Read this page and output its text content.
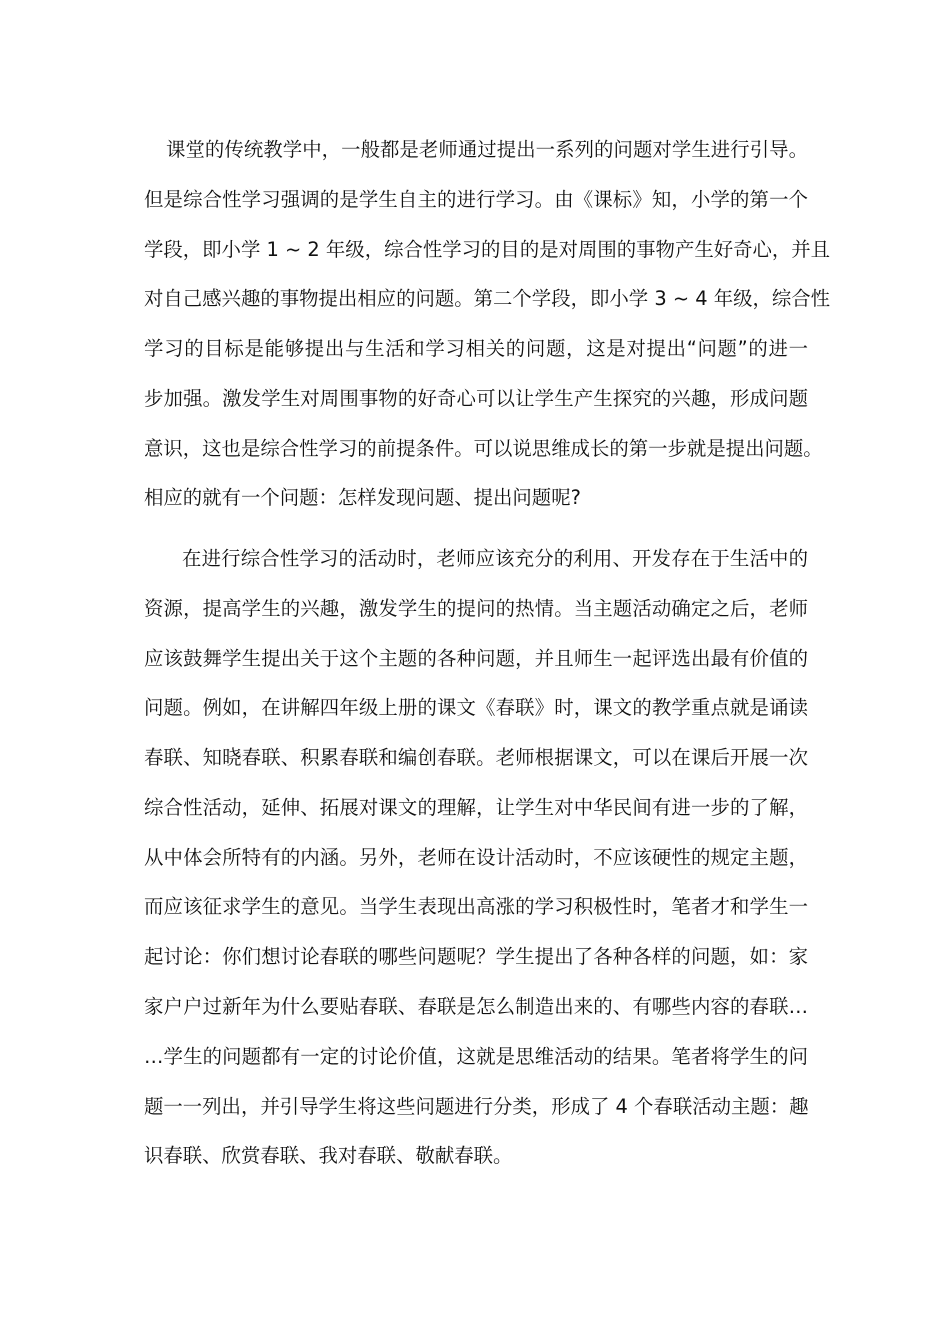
课堂的传统教学中，一般都是老师通过提出一系列的问题对学生进行引导。
但是综合性学习强调的是学生自主的进行学习。由《课标》知，小学的第一个
学段，即小学 1 ~ 2 年级，综合性学习的目的是对周围的事物产生好奇心，并且
对自己感兴趣的事物提出相应的问题。第二个学段，即小学 3 ~ 4 年级，综合性
学习的目标是能够提出与生活和学习相关的问题，这是对提出“问题”的进一
步加强。激发学生对周围事物的好奇心可以让学生产生探究的兴趣，形成问题
意识，这也是综合性学习的前提条件。可以说思维成长的第一步就是提出问题。
相应的就有一个问题：怎样发现问题、提出问题呢?
在进行综合性学习的活动时，老师应该充分的利用、开发存在于生活中的
资源，提高学生的兴趣，激发学生的提问的热情。当主题活动确定之后，老师
应该鼓舞学生提出关于这个主题的各种问题，并且师生一起评选出最有价值的
问题。例如，在讲解四年级上册的课文《春联》时，课文的教学重点就是诵读
春联、知晓春联、积累春联和编创春联。老师根据课文，可以在课后开展一次
综合性活动，延伸、拓展对课文的理解，让学生对中华民间有进一步的了解，
从中体会所特有的内涵。另外，老师在设计活动时，不应该硬性的规定主题，
而应该征求学生的意见。当学生表现出高涨的学习积极性时，笔者才和学生一
起讨论：你们想讨论春联的哪些问题呢？学生提出了各种各样的问题，如：家
家户户过新年为什么要贴春联、春联是怎么制造出来的、有哪些内容的春联…
…学生的问题都有一定的讨论价值，这就是思维活动的结果。笔者将学生的问
题一一列出，并引导学生将这些问题进行分类，形成了 4 个春联活动主题：趣
识春联、欣赏春联、我对春联、敬献春联。
